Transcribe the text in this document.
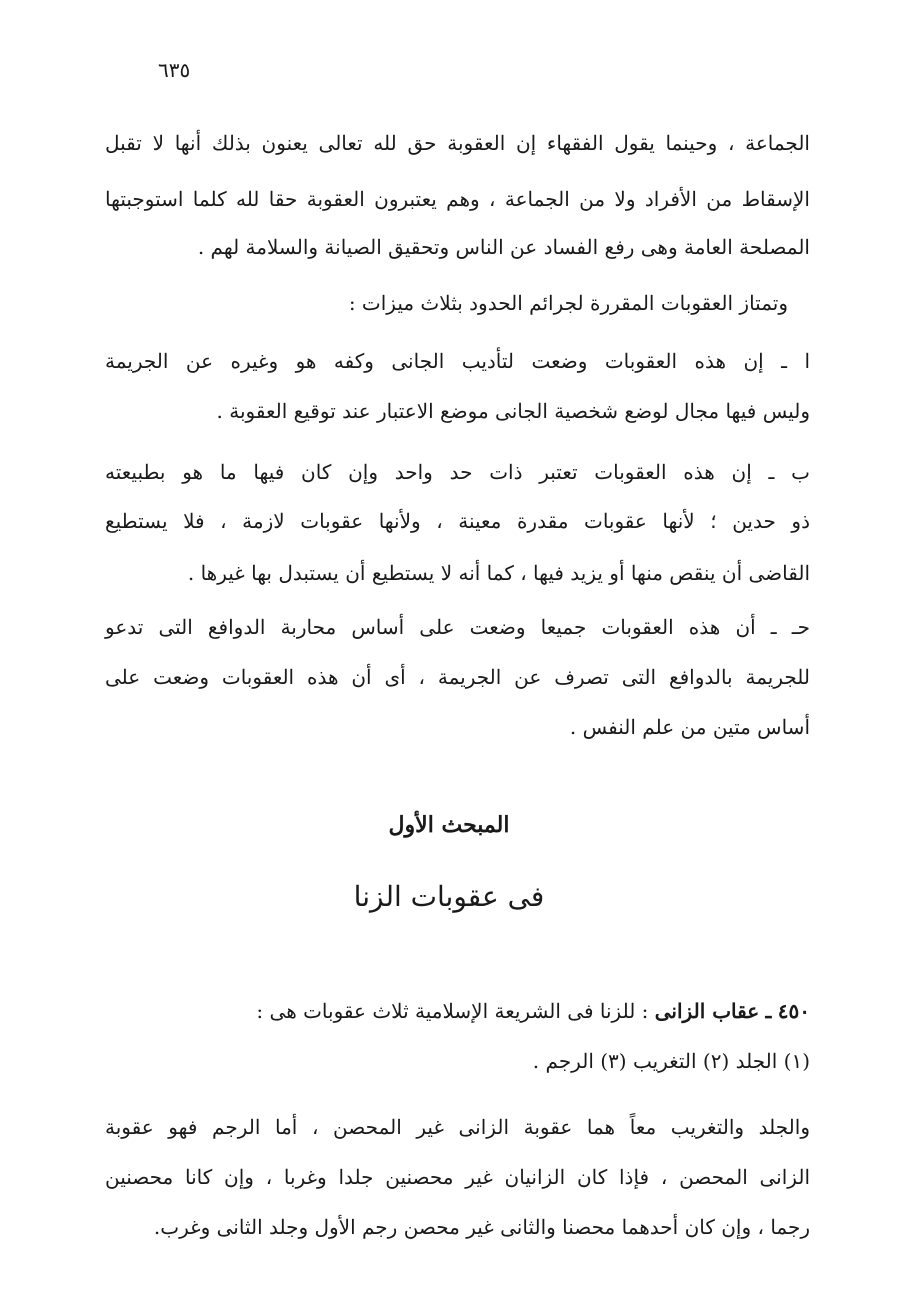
٦٣٥
الجماعة ، وحينما يقول الفقهاء إن العقوبة حق لله تعالى يعنون بذلك أنها لا تقبل
الإسقاط من الأفراد ولا من الجماعة ، وهم يعتبرون العقوبة حقا لله كلما استوجبتها
المصلحة العامة وهى رفع الفساد عن الناس وتحقيق الصيانة والسلامة لهم .
وتمتاز العقوبات المقررة لجرائم الحدود بثلاث ميزات :
ا ـ إن هذه العقوبات وضعت لتأديب الجانى وكفه هو وغيره عن الجريمة
وليس فيها مجال لوضع شخصية الجانى موضع الاعتبار عند توقيع العقوبة .
ب ـ إن هذه العقوبات تعتبر ذات حد واحد وإن كان فيها ما هو بطبيعته
ذو حدين ؛ لأنها عقوبات مقدرة معينة ، ولأنها عقوبات لازمة ، فلا يستطيع
القاضى أن ينقص منها أو يزيد فيها ، كما أنه لا يستطيع أن يستبدل بها غيرها .
حـ ـ أن هذه العقوبات جميعا وضعت على أساس محاربة الدوافع التى تدعو
للجريمة بالدوافع التى تصرف عن الجريمة ، أى أن هذه العقوبات وضعت على
أساس متين من علم النفس .
المبحث الأول
فى عقوبات الزنا
٤٥٠ ـ عقاب الزانى : للزنا فى الشريعة الإسلامية ثلاث عقوبات هى :
(١) الجلد (٢) التغريب (٣) الرجم .
والجلد والتغريب معاً هما عقوبة الزانى غير المحصن ، أما الرجم فهو عقوبة
الزانى المحصن ، فإذا كان الزانيان غير محصنين جلدا وغربا ، وإن كانا محصنين
رجما ، وإن كان أحدهما محصنا والثانى غير محصن رجم الأول وجلد الثانى وغرب.
